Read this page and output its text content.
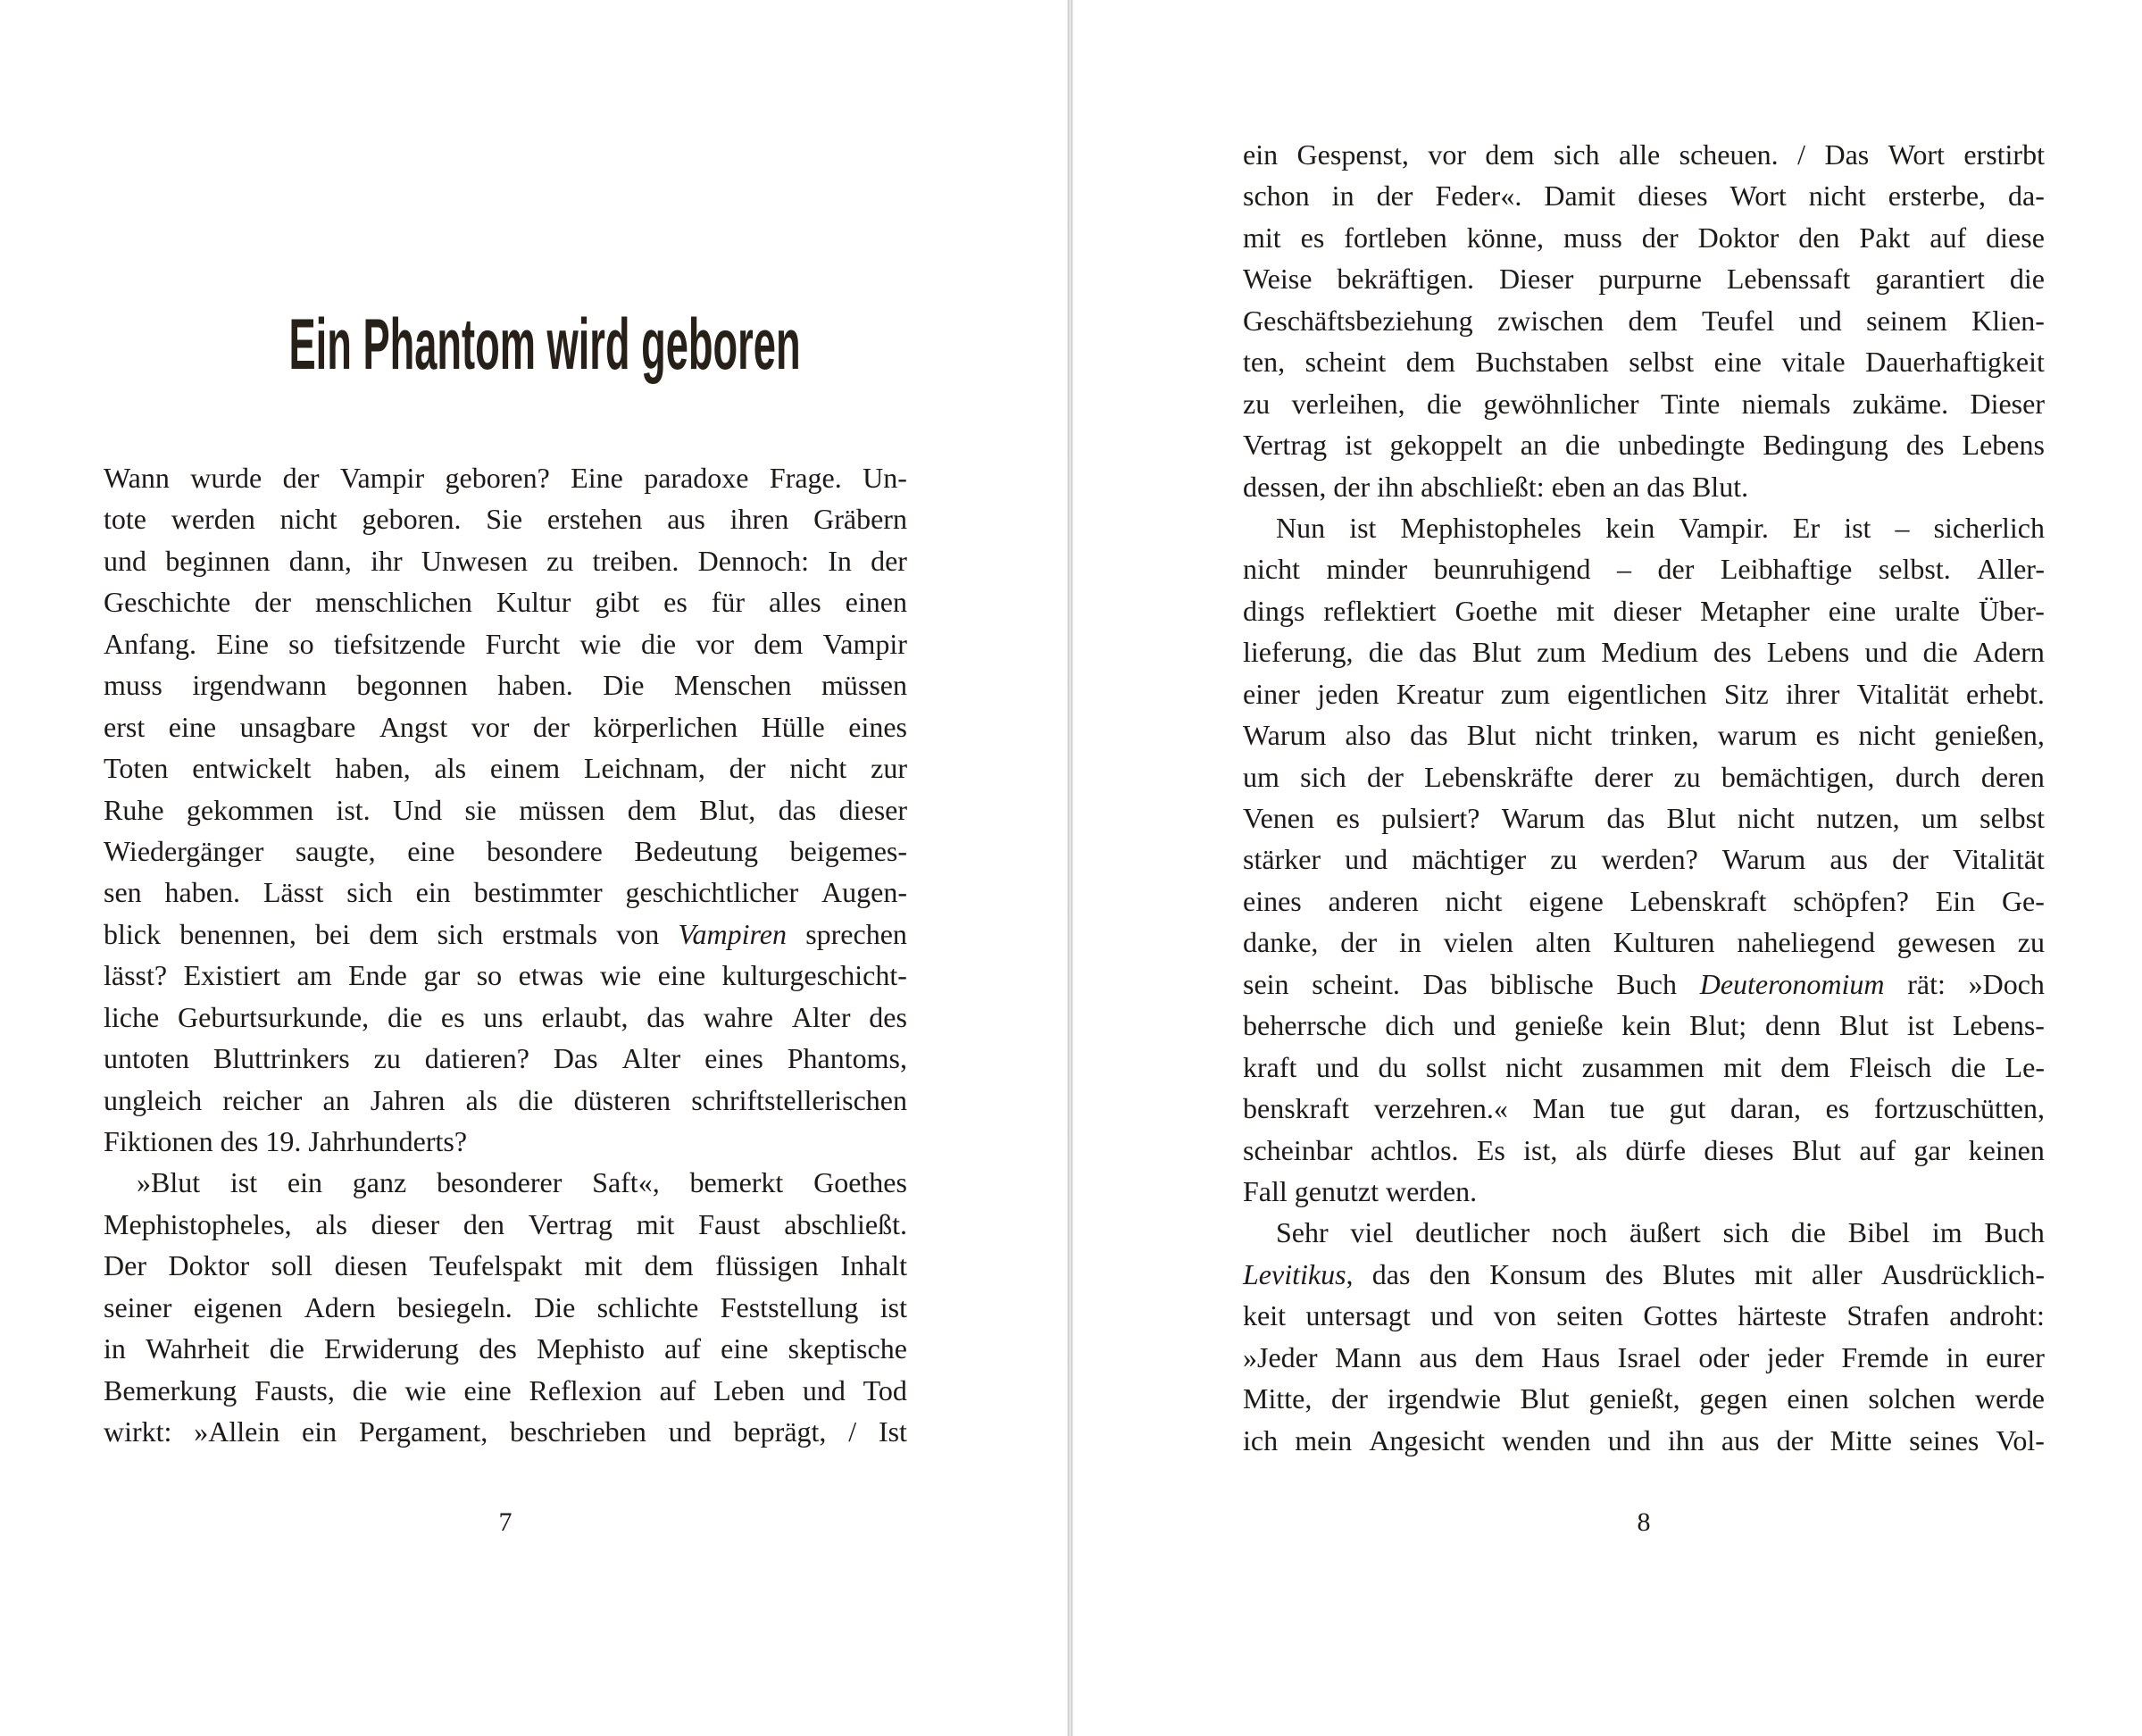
Ein Phantom wird geboren
Wann wurde der Vampir geboren? Eine paradoxe Frage. Un-
tote werden nicht geboren. Sie erstehen aus ihren Gräbern
und beginnen dann, ihr Unwesen zu treiben. Dennoch: In der
Geschichte der menschlichen Kultur gibt es für alles einen
Anfang. Eine so tiefsitzende Furcht wie die vor dem Vampir
muss irgendwann begonnen haben. Die Menschen müssen
erst eine unsagbare Angst vor der körperlichen Hülle eines
Toten entwickelt haben, als einem Leichnam, der nicht zur
Ruhe gekommen ist. Und sie müssen dem Blut, das dieser
Wiedergänger saugte, eine besondere Bedeutung beigemes-
sen haben. Lässt sich ein bestimmter geschichtlicher Augen-
blick benennen, bei dem sich erstmals von Vampiren sprechen
lässt? Existiert am Ende gar so etwas wie eine kulturgeschicht-
liche Geburtsurkunde, die es uns erlaubt, das wahre Alter des
untoten Bluttrinkers zu datieren? Das Alter eines Phantoms,
ungleich reicher an Jahren als die düsteren schriftstellerischen
Fiktionen des 19. Jahrhunderts?
»Blut ist ein ganz besonderer Saft«, bemerkt Goethes
Mephistopheles, als dieser den Vertrag mit Faust abschließt.
Der Doktor soll diesen Teufelspakt mit dem flüssigen Inhalt
seiner eigenen Adern besiegeln. Die schlichte Feststellung ist
in Wahrheit die Erwiderung des Mephisto auf eine skeptische
Bemerkung Fausts, die wie eine Reflexion auf Leben und Tod
wirkt: »Allein ein Pergament, beschrieben und beprägt, / Ist
7
ein Gespenst, vor dem sich alle scheuen. / Das Wort erstirbt
schon in der Feder«. Damit dieses Wort nicht ersterbe, da-
mit es fortleben könne, muss der Doktor den Pakt auf diese
Weise bekräftigen. Dieser purpurne Lebenssaft garantiert die
Geschäftsbeziehung zwischen dem Teufel und seinem Klien-
ten, scheint dem Buchstaben selbst eine vitale Dauerhaftigkeit
zu verleihen, die gewöhnlicher Tinte niemals zukäme. Dieser
Vertrag ist gekoppelt an die unbedingte Bedingung des Lebens
dessen, der ihn abschließt: eben an das Blut.
Nun ist Mephistopheles kein Vampir. Er ist – sicherlich
nicht minder beunruhigend – der Leibhaftige selbst. Aller-
dings reflektiert Goethe mit dieser Metapher eine uralte Über-
lieferung, die das Blut zum Medium des Lebens und die Adern
einer jeden Kreatur zum eigentlichen Sitz ihrer Vitalität erhebt.
Warum also das Blut nicht trinken, warum es nicht genießen,
um sich der Lebenskräfte derer zu bemächtigen, durch deren
Venen es pulsiert? Warum das Blut nicht nutzen, um selbst
stärker und mächtiger zu werden? Warum aus der Vitalität
eines anderen nicht eigene Lebenskraft schöpfen? Ein Ge-
danke, der in vielen alten Kulturen naheliegend gewesen zu
sein scheint. Das biblische Buch Deuteronomium rät: »Doch
beherrsche dich und genieße kein Blut; denn Blut ist Lebens-
kraft und du sollst nicht zusammen mit dem Fleisch die Le-
benskraft verzehren.« Man tue gut daran, es fortzuschütten,
scheinbar achtlos. Es ist, als dürfe dieses Blut auf gar keinen
Fall genutzt werden.
Sehr viel deutlicher noch äußert sich die Bibel im Buch
Levitikus, das den Konsum des Blutes mit aller Ausdrücklich-
keit untersagt und von seiten Gottes härteste Strafen androht:
»Jeder Mann aus dem Haus Israel oder jeder Fremde in eurer
Mitte, der irgendwie Blut genießt, gegen einen solchen werde
ich mein Angesicht wenden und ihn aus der Mitte seines Vol-
8
